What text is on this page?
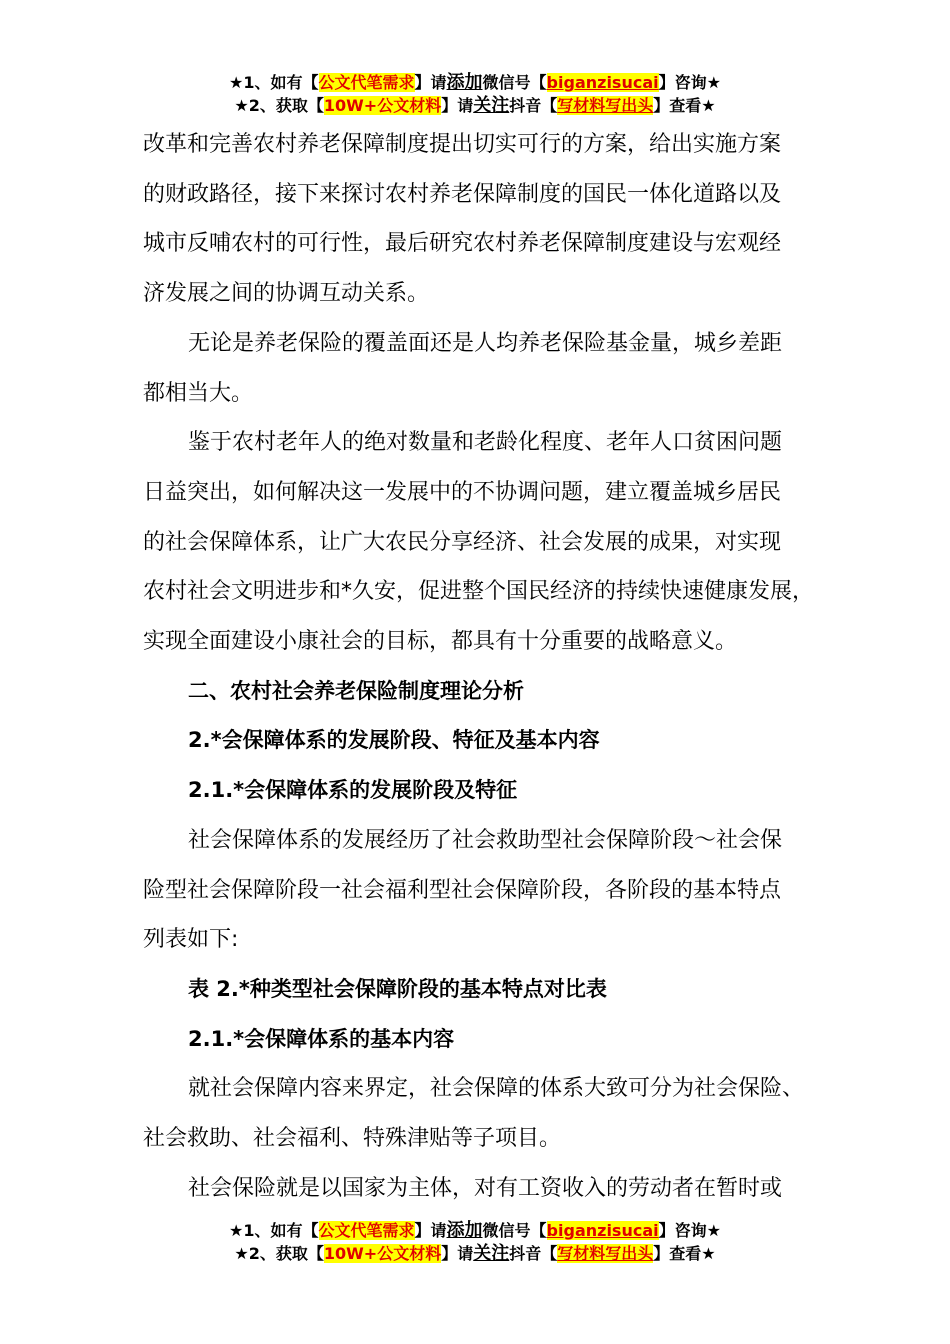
★1、如有【公文代笔需求】请添加微信号【biganzisucai】咨询★
★2、获取【10W+公文材料】请关注抖音【写材料写出头】查看★

改革和完善农村养老保障制度提出切实可行的方案，给出实施方案

的财政路径，接下来探讨农村养老保障制度的国民一体化道路以及

城市反哺农村的可行性，最后研究农村养老保障制度建设与宏观经

济发展之间的协调互动关系。

无论是养老保险的覆盖面还是人均养老保险基金量，城乡差距

都相当大。

鉴于农村老年人的绝对数量和老龄化程度、老年人口贫困问题

日益突出，如何解决这一发展中的不协调问题，建立覆盖城乡居民

的社会保障体系，让广大农民分享经济、社会发展的成果，对实现

农村社会文明进步和*久安，促进整个国民经济的持续快速健康发展，

实现全面建设小康社会的目标，都具有十分重要的战略意义。

二、农村社会养老保险制度理论分析

2.*会保障体系的发展阶段、特征及基本内容

2.1.*会保障体系的发展阶段及特征

社会保障体系的发展经历了社会救助型社会保障阶段～社会保

险型社会保障阶段一社会福利型社会保障阶段，各阶段的基本特点

列表如下:

表 2.*种类型社会保障阶段的基本特点对比表

2.1.*会保障体系的基本内容

就社会保障内容来界定，社会保障的体系大致可分为社会保险、

社会救助、社会福利、特殊津贴等子项目。

社会保险就是以国家为主体，对有工资收入的劳动者在暂时或

★1、如有【公文代笔需求】请添加微信号【biganzisucai】咨询★
★2、获取【10W+公文材料】请关注抖音【写材料写出头】查看★
